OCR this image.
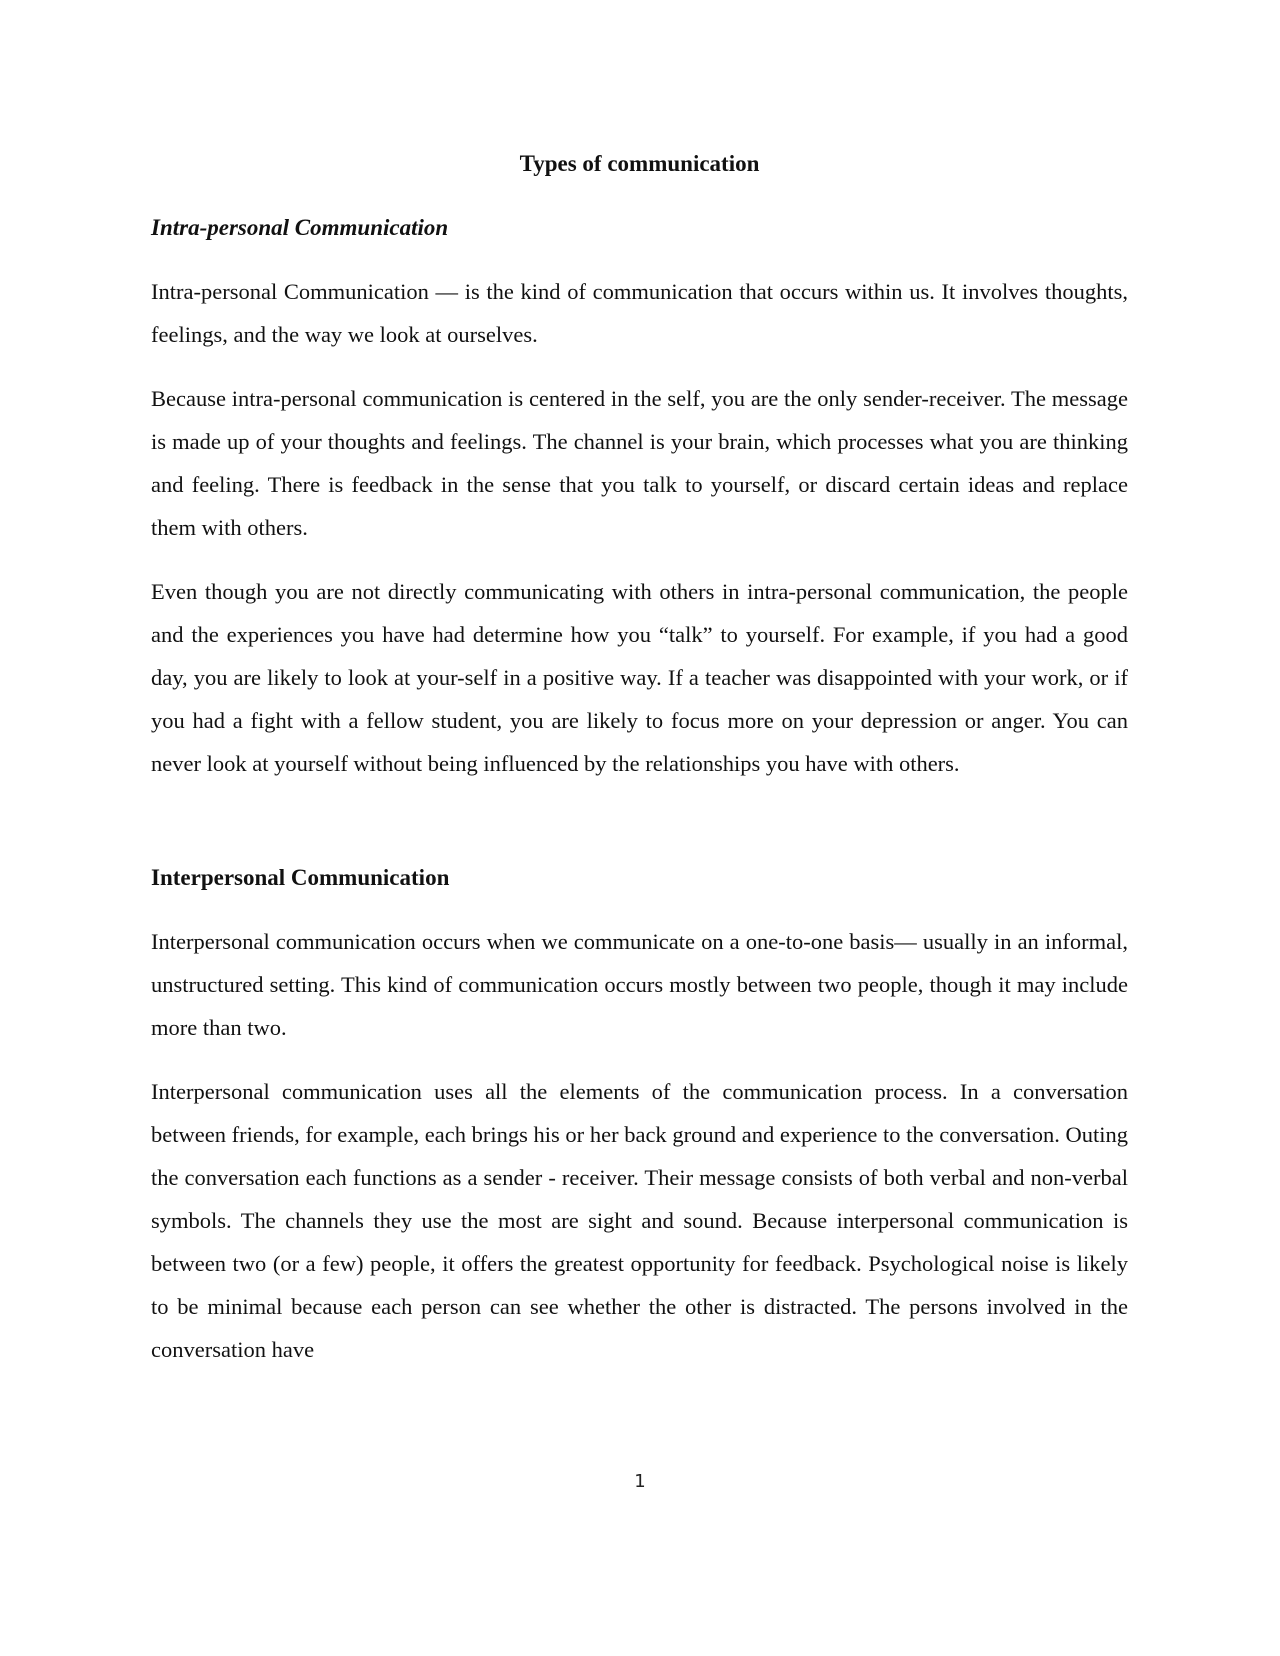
Types of communication
Intra-personal Communication

Intra-personal Communication — is the kind of communication that occurs within us. It involves thoughts, feelings, and the way we look at ourselves.

Because intra-personal communication is centered in the self, you are the only sender-receiver. The message is made up of your thoughts and feelings. The channel is your brain, which processes what you are thinking and feeling. There is feedback in the sense that you talk to yourself, or discard certain ideas and replace them with others.

Even though you are not directly communicating with others in intra-personal communication, the people and the experiences you have had determine how you “talk” to yourself. For example, if you had a good day, you are likely to look at your-self in a positive way. If a teacher was disappointed with your work, or if you had a fight with a fellow student, you are likely to focus more on your depression or anger. You can never look at yourself without being influenced by the relationships you have with others.

Interpersonal Communication

Interpersonal communication occurs when we communicate on a one-to-one basis— usually in an informal, unstructured setting. This kind of communication occurs mostly between two people, though it may include more than two.

Interpersonal communication uses all the elements of the communication process. In a conversation between friends, for example, each brings his or her back ground and experience to the conversation. Outing the conversation each functions as a sender - receiver. Their message consists of both verbal and non-verbal symbols. The channels they use the most are sight and sound. Because interpersonal communication is between two (or a few) people, it offers the greatest opportunity for feedback. Psychological noise is likely to be minimal because each person can see whether the other is distracted. The persons involved in the conversation have

1
